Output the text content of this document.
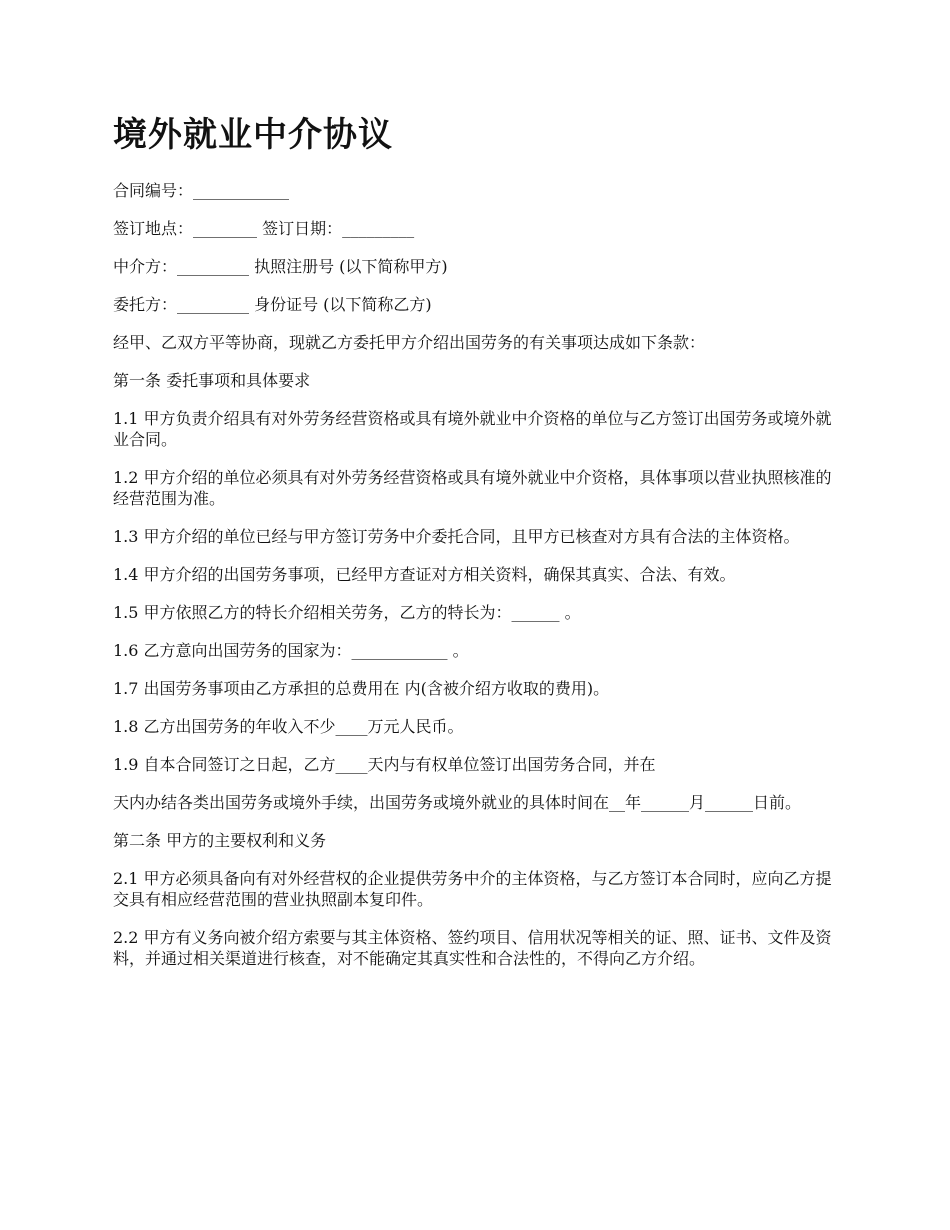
境外就业中介协议

合同编号：____________

签订地点：________ 签订日期：_________

中介方：_________ 执照注册号 (以下简称甲方)

委托方：_________ 身份证号 (以下简称乙方)

经甲、乙双方平等协商，现就乙方委托甲方介绍出国劳务的有关事项达成如下条款：

第一条 委托事项和具体要求

1.1 甲方负责介绍具有对外劳务经营资格或具有境外就业中介资格的单位与乙方签订出国劳务或境外就业合同。

1.2 甲方介绍的单位必须具有对外劳务经营资格或具有境外就业中介资格，具体事项以营业执照核准的经营范围为准。

1.3 甲方介绍的单位已经与甲方签订劳务中介委托合同，且甲方已核查对方具有合法的主体资格。

1.4 甲方介绍的出国劳务事项，已经甲方查证对方相关资料，确保其真实、合法、有效。

1.5 甲方依照乙方的特长介绍相关劳务，乙方的特长为：______ 。

1.6 乙方意向出国劳务的国家为：____________ 。

1.7 出国劳务事项由乙方承担的总费用在 内(含被介绍方收取的费用)。

1.8 乙方出国劳务的年收入不少____万元人民币。

1.9 自本合同签订之日起，乙方____天内与有权单位签订出国劳务合同，并在

天内办结各类出国劳务或境外手续，出国劳务或境外就业的具体时间在__年______月______日前。

第二条 甲方的主要权利和义务

2.1 甲方必须具备向有对外经营权的企业提供劳务中介的主体资格，与乙方签订本合同时，应向乙方提交具有相应经营范围的营业执照副本复印件。

2.2 甲方有义务向被介绍方索要与其主体资格、签约项目、信用状况等相关的证、照、证书、文件及资料，并通过相关渠道进行核查，对不能确定其真实性和合法性的，不得向乙方介绍。
